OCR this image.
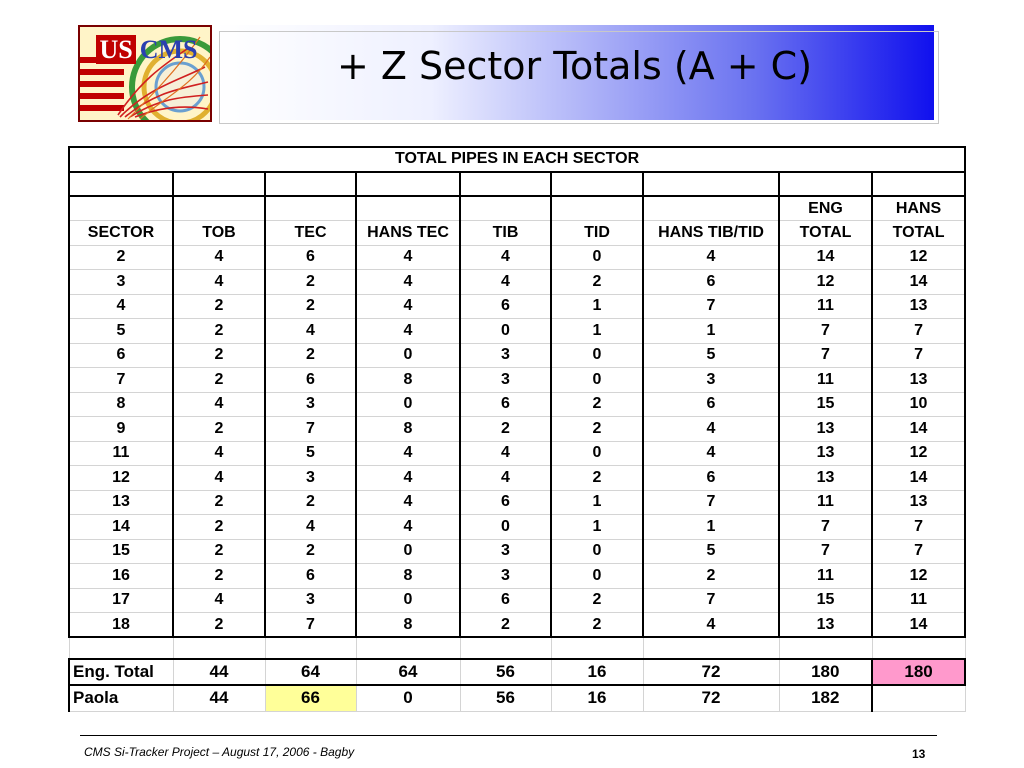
US CMS	+ Z Sector Totals (A + C)
TOTAL PIPES IN EACH SECTOR								

							ENG	HANS
SECTOR	TOB	TEC	HANS TEC	TIB	TID	HANS TIB/TID	TOTAL	TOTAL
2	4	6	4	4	0	4	14	12
3	4	2	4	4	2	6	12	14
4	2	2	4	6	1	7	11	13
5	2	4	4	0	1	1	7	7
6	2	2	0	3	0	5	7	7
7	2	6	8	3	0	3	11	13
8	4	3	0	6	2	6	15	10
9	2	7	8	2	2	4	13	14
11	4	5	4	4	0	4	13	12
12	4	3	4	4	2	6	13	14
13	2	2	4	6	1	7	11	13
14	2	4	4	0	1	1	7	7
15	2	2	0	3	0	5	7	7
16	2	6	8	3	0	2	11	12
17	4	3	0	6	2	7	15	11
18	2	7	8	2	2	4	13	14

Eng. Total	44	64	64	56	16	72	180	180
Paola	44	66	0	56	16	72	182	
CMS Si-Tracker Project – August 17, 2006 - Bagby	13
